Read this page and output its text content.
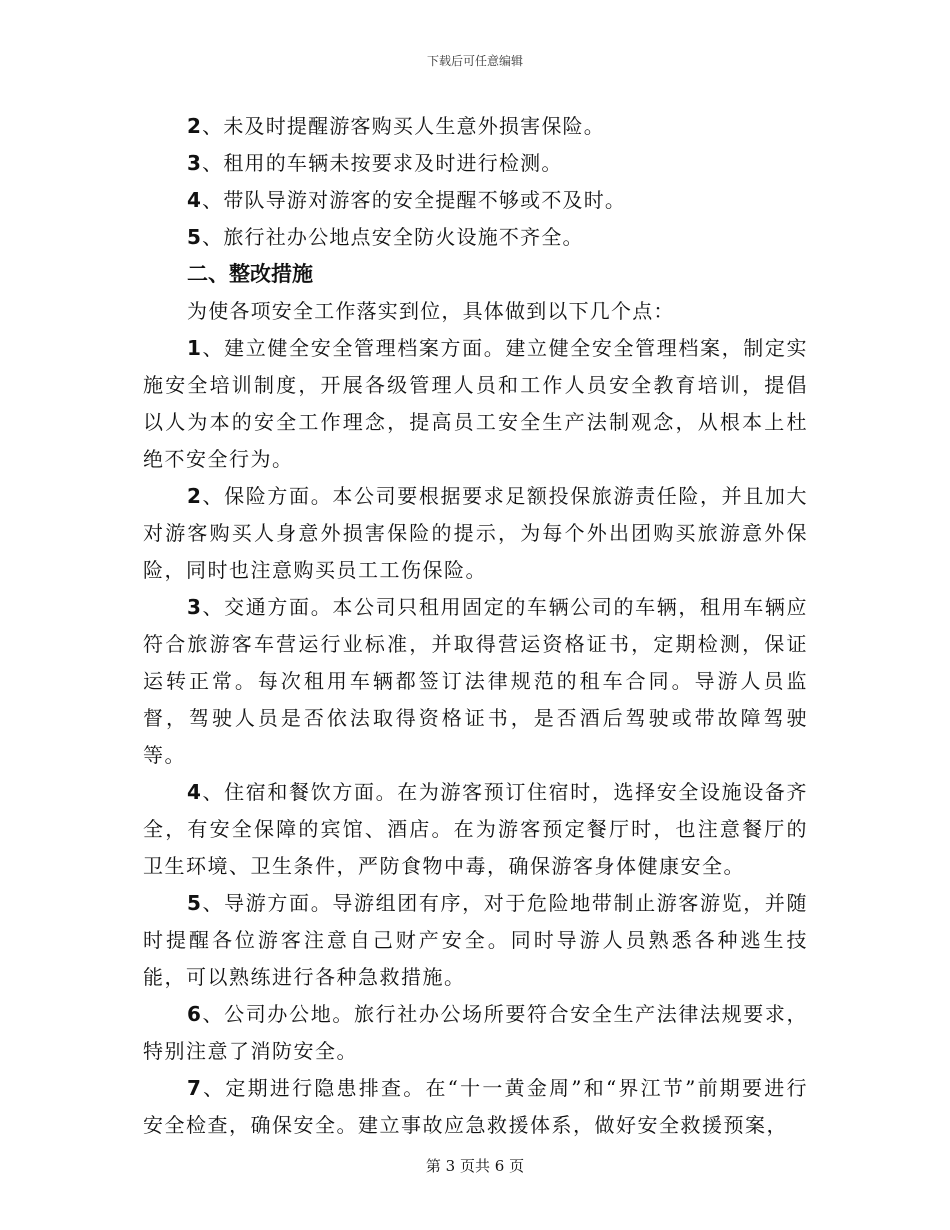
下载后可任意编辑
2、未及时提醒游客购买人生意外损害保险。
3、租用的车辆未按要求及时进行检测。
4、带队导游对游客的安全提醒不够或不及时。
5、旅行社办公地点安全防火设施不齐全。
二、整改措施
为使各项安全工作落实到位，具体做到以下几个点：
1、建立健全安全管理档案方面。建立健全安全管理档案，制定实施安全培训制度，开展各级管理人员和工作人员安全教育培训，提倡以人为本的安全工作理念，提高员工安全生产法制观念，从根本上杜绝不安全行为。
2、保险方面。本公司要根据要求足额投保旅游责任险，并且加大对游客购买人身意外损害保险的提示，为每个外出团购买旅游意外保险，同时也注意购买员工工伤保险。
3、交通方面。本公司只租用固定的车辆公司的车辆，租用车辆应符合旅游客车营运行业标准，并取得营运资格证书，定期检测，保证运转正常。每次租用车辆都签订法律规范的租车合同。导游人员监督，驾驶人员是否依法取得资格证书，是否酒后驾驶或带故障驾驶等。
4、住宿和餐饮方面。在为游客预订住宿时，选择安全设施设备齐全，有安全保障的宾馆、酒店。在为游客预定餐厅时，也注意餐厅的卫生环境、卫生条件，严防食物中毒，确保游客身体健康安全。
5、导游方面。导游组团有序，对于危险地带制止游客游览，并随时提醒各位游客注意自己财产安全。同时导游人员熟悉各种逃生技能，可以熟练进行各种急救措施。
6、公司办公地。旅行社办公场所要符合安全生产法律法规要求，特别注意了消防安全。
7、定期进行隐患排查。在“十一黄金周”和“界江节”前期要进行安全检查，确保安全。建立事故应急救援体系，做好安全救援预案，
第 3 页共 6 页
